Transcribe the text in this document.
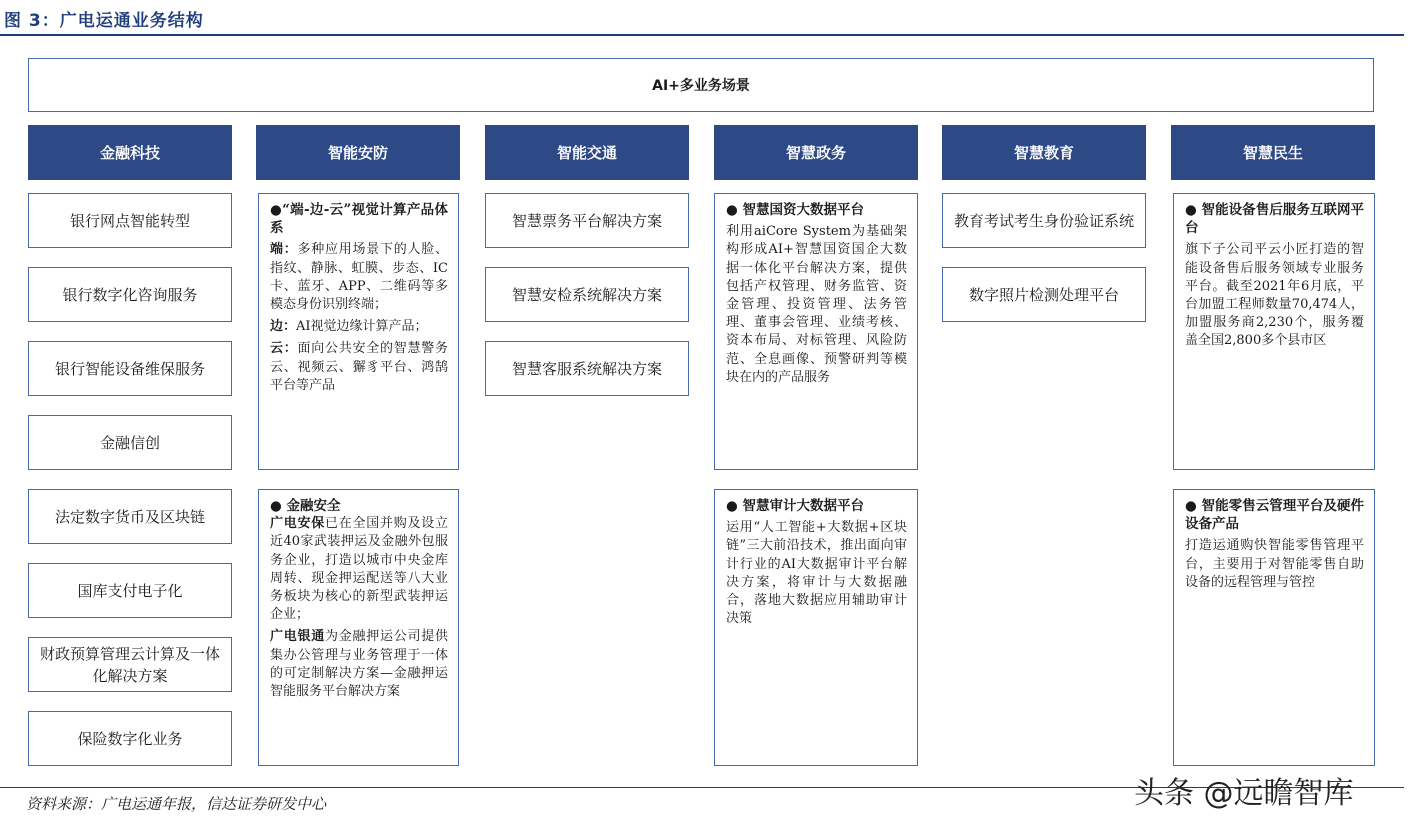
图 3：广电运通业务结构
AI+多业务场景
金融科技	智能安防	智能交通	智慧政务	智慧教育	智慧民生
银行网点智能转型
银行数字化咨询服务
银行智能设备维保服务
金融信创
法定数字货币及区块链
国库支付电子化
财政预算管理云计算及一体化解决方案
保险数字化业务

●“端-边-云”视觉计算产品体系

端：多种应用场景下的人脸、指纹、静脉、虹膜、步态、IC卡、蓝牙、APP、二维码等多模态身份识别终端；

边：AI视觉边缘计算产品；

云：面向公共安全的智慧警务云、视频云、獬豸平台、鸿鹄平台等产品

● 金融安全

广电安保已在全国并购及设立近40家武装押运及金融外包服务企业，打造以城市中央金库周转、现金押运配送等八大业务板块为核心的新型武装押运企业；

广电银通为金融押运公司提供集办公管理与业务管理于一体的可定制解决方案—金融押运智能服务平台解决方案

智慧票务平台解决方案
智慧安检系统解决方案
智慧客服系统解决方案

● 智慧国资大数据平台

利用aiCore System为基础架构形成AI+智慧国资国企大数据一体化平台解决方案，提供包括产权管理、财务监管、资金管理、投资管理、法务管理、董事会管理、业绩考核、资本布局、对标管理、风险防范、全息画像、预警研判等模块在内的产品服务

● 智慧审计大数据平台

运用“人工智能+大数据+区块链”三大前沿技术，推出面向审计行业的AI大数据审计平台解决方案，将审计与大数据融合，落地大数据应用辅助审计决策

教育考试考生身份验证系统
数字照片检测处理平台

● 智能设备售后服务互联网平台

旗下子公司平云小匠打造的智能设备售后服务领域专业服务平台。截至2021年6月底，平台加盟工程师数量70,474人，加盟服务商2,230个，服务覆盖全国2,800多个县市区

● 智能零售云管理平台及硬件设备产品

打造运通购快智能零售管理平台，主要用于对智能零售自助设备的远程管理与管控

资料来源：广电运通年报，信达证券研发中心	头条 @远瞻智库
